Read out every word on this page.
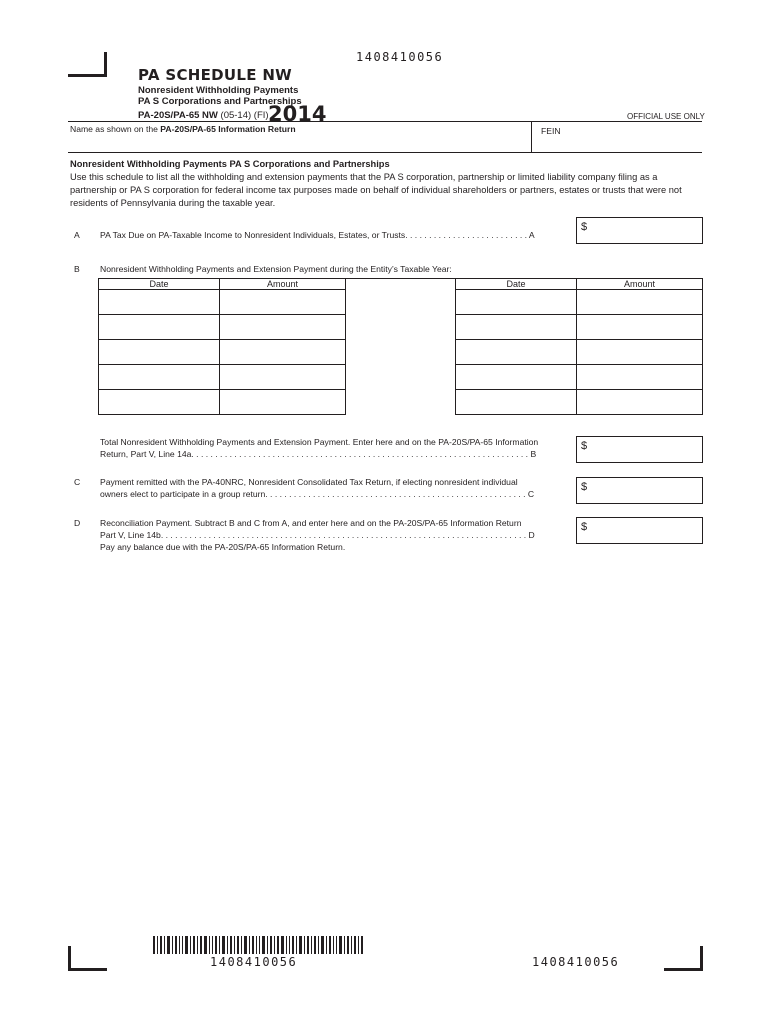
1408410056
PA SCHEDULE NW
Nonresident Withholding Payments
PA S Corporations and Partnerships
PA-20S/PA-65 NW (05-14) (FI) 2014	OFFICIAL USE ONLY
Name as shown on the PA-20S/PA-65 Information Return	FEIN
Nonresident Withholding Payments PA S Corporations and Partnerships
Use this schedule to list all the withholding and extension payments that the PA S corporation, partnership or limited liability company filing as a partnership or PA S corporation for federal income tax purposes made on behalf of individual shareholders or partners, estates or trusts that were not residents of Pennsylvania during the taxable year.
A PA Tax Due on PA-Taxable Income to Nonresident Individuals, Estates, or Trusts. . . . . . . . . . . . . . . . . . . . . . . . . . A
$
B Nonresident Withholding Payments and Extension Payment during the Entity’s Taxable Year:
Date	Amount

		Date	Amount

Total Nonresident Withholding Payments and Extension Payment. Enter here and on the PA-20S/PA-65 Information
Return, Part V, Line 14a. . . . . . . . . . . . . . . . . . . . . . . . . . . . . . . . . . . . . . . . . . . . . . . . . . . . . . . . . . . . . . . . . . . . . . . B
$
C Payment remitted with the PA-40NRC, Nonresident Consolidated Tax Return, if electing nonresident individual
owners elect to participate in a group return. . . . . . . . . . . . . . . . . . . . . . . . . . . . . . . . . . . . . . . . . . . . . . . . . . . . . . . C
$
D Reconciliation Payment. Subtract B and C from A, and enter here and on the PA-20S/PA-65 Information Return
Part V, Line 14b. . . . . . . . . . . . . . . . . . . . . . . . . . . . . . . . . . . . . . . . . . . . . . . . . . . . . . . . . . . . . . . . . . . . . . . . . . . . . D
Pay any balance due with the PA-20S/PA-65 Information Return.
$
1408410056	1408410056
